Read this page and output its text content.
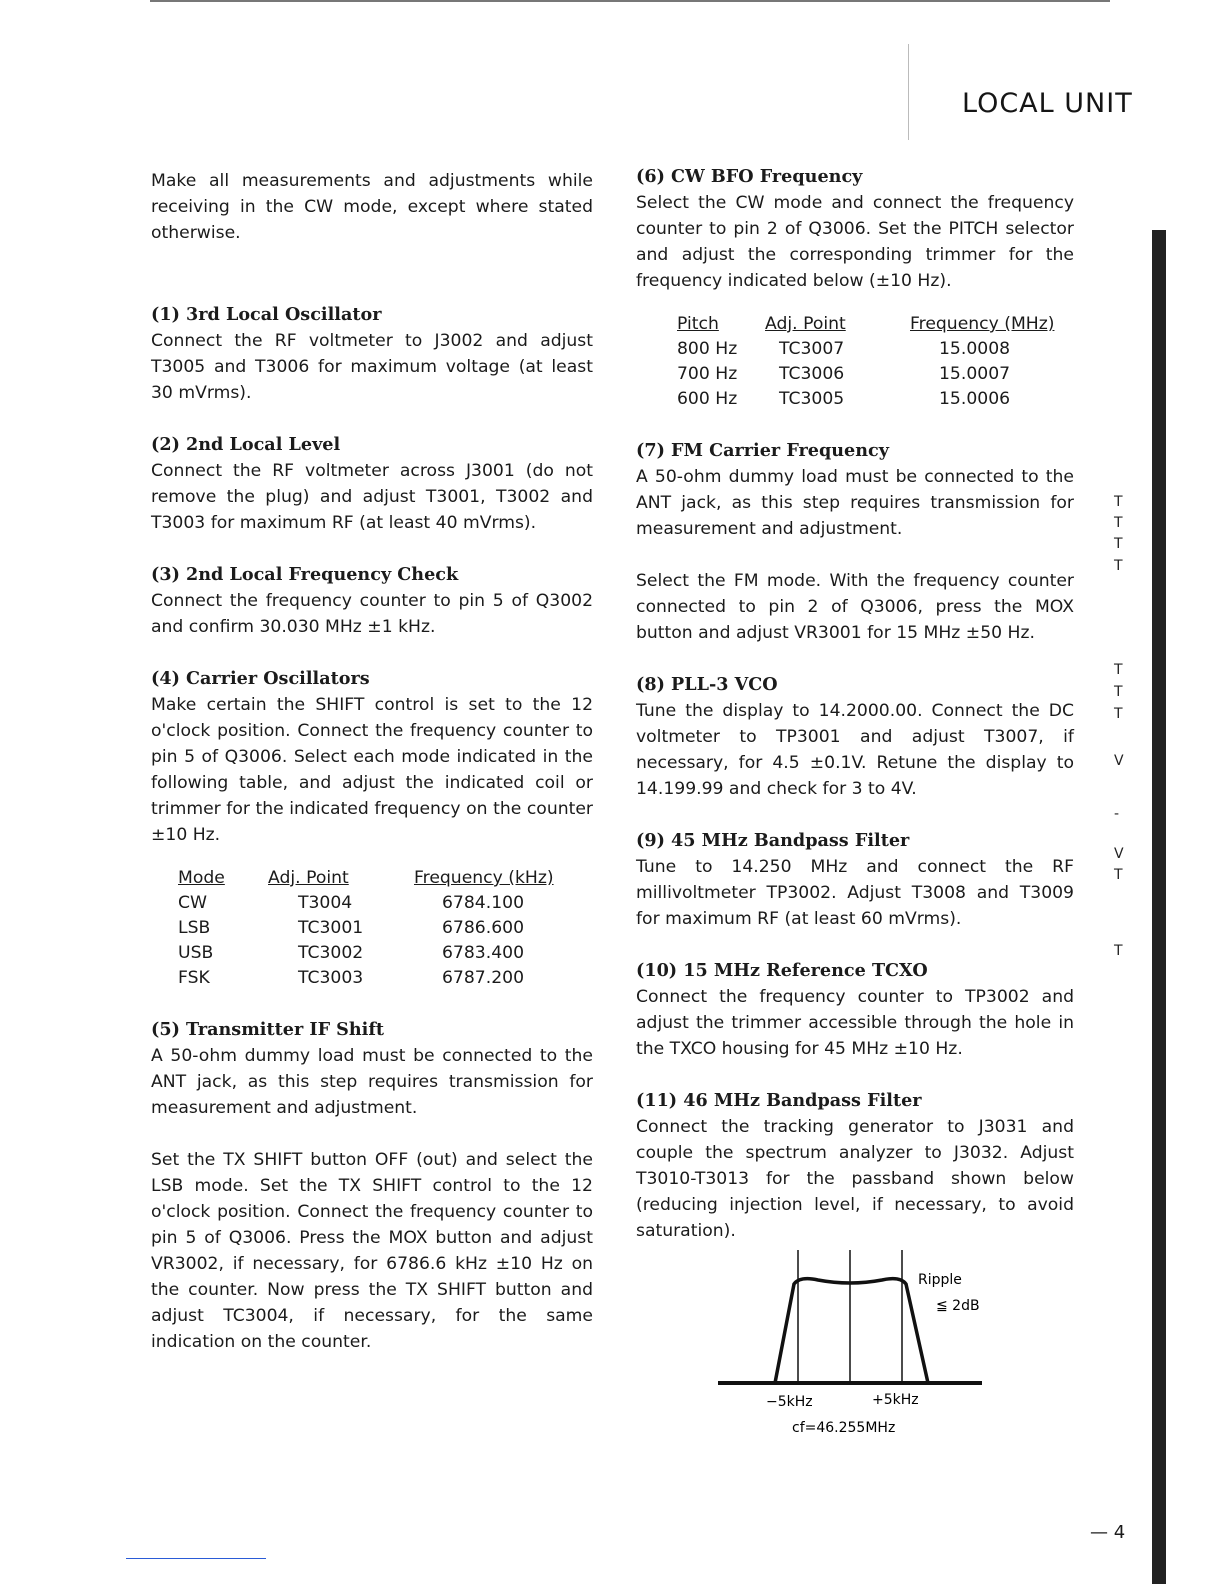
LOCAL UNIT

Make all measurements and adjustments while receiving in the CW mode, except where stated otherwise.

(1) 3rd Local Oscillator

Connect the RF voltmeter to J3002 and adjust T3005 and T3006 for maximum voltage (at least 30 mVrms).

(2) 2nd Local Level

Connect the RF voltmeter across J3001 (do not remove the plug) and adjust T3001, T3002 and T3003 for maximum RF (at least 40 mVrms).

(3) 2nd Local Frequency Check

Connect the frequency counter to pin 5 of Q3002 and confirm 30.030 MHz ±1 kHz.

(4) Carrier Oscillators

Make certain the SHIFT control is set to the 12 o'clock position. Connect the frequency counter to pin 5 of Q3006. Select each mode indicated in the following table, and adjust the indicated coil or trimmer for the indicated frequency on the counter ±10 Hz.

Mode	Adj. Point	Frequency (kHz)
CW	T3004	6784.100
LSB	TC3001	6786.600
USB	TC3002	6783.400
FSK	TC3003	6787.200
(5) Transmitter IF Shift

A 50-ohm dummy load must be connected to the ANT jack, as this step requires transmission for measurement and adjustment.

Set the TX SHIFT button OFF (out) and select the LSB mode. Set the TX SHIFT control to the 12 o'clock position. Connect the frequency counter to pin 5 of Q3006. Press the MOX button and adjust VR3002, if necessary, for 6786.6 kHz ±10 Hz on the counter. Now press the TX SHIFT button and adjust TC3004, if necessary, for the same indication on the counter.

(6) CW BFO Frequency

Select the CW mode and connect the frequency counter to pin 2 of Q3006. Set the PITCH selector and adjust the corresponding trimmer for the frequency indicated below (±10 Hz).

Pitch	Adj. Point	Frequency (MHz)
800 Hz	TC3007	15.0008
700 Hz	TC3006	15.0007
600 Hz	TC3005	15.0006
(7) FM Carrier Frequency

A 50-ohm dummy load must be connected to the ANT jack, as this step requires transmission for measurement and adjustment.

Select the FM mode. With the frequency counter connected to pin 2 of Q3006, press the MOX button and adjust VR3001 for 15 MHz ±50 Hz.

(8) PLL-3 VCO

Tune the display to 14.2000.00. Connect the DC voltmeter to TP3001 and adjust T3007, if necessary, for 4.5 ±0.1V. Retune the display to 14.199.99 and check for 3 to 4V.

(9) 45 MHz Bandpass Filter

Tune to 14.250 MHz and connect the RF millivoltmeter TP3002. Adjust T3008 and T3009 for maximum RF (at least 60 mVrms).

(10) 15 MHz Reference TCXO

Connect the frequency counter to TP3002 and adjust the trimmer accessible through the hole in the TXCO housing for 45 MHz ±10 Hz.

(11) 46 MHz Bandpass Filter

Connect the tracking generator to J3031 and couple the spectrum analyzer to J3032. Adjust T3010-T3013 for the passband shown below (reducing injection level, if necessary, to avoid saturation).

Ripple
≦ 2dB
−5kHz	+5kHz
cf=46.255MHz
T
T
T
T
T
T
T
V
-
V
T
T
— 4
